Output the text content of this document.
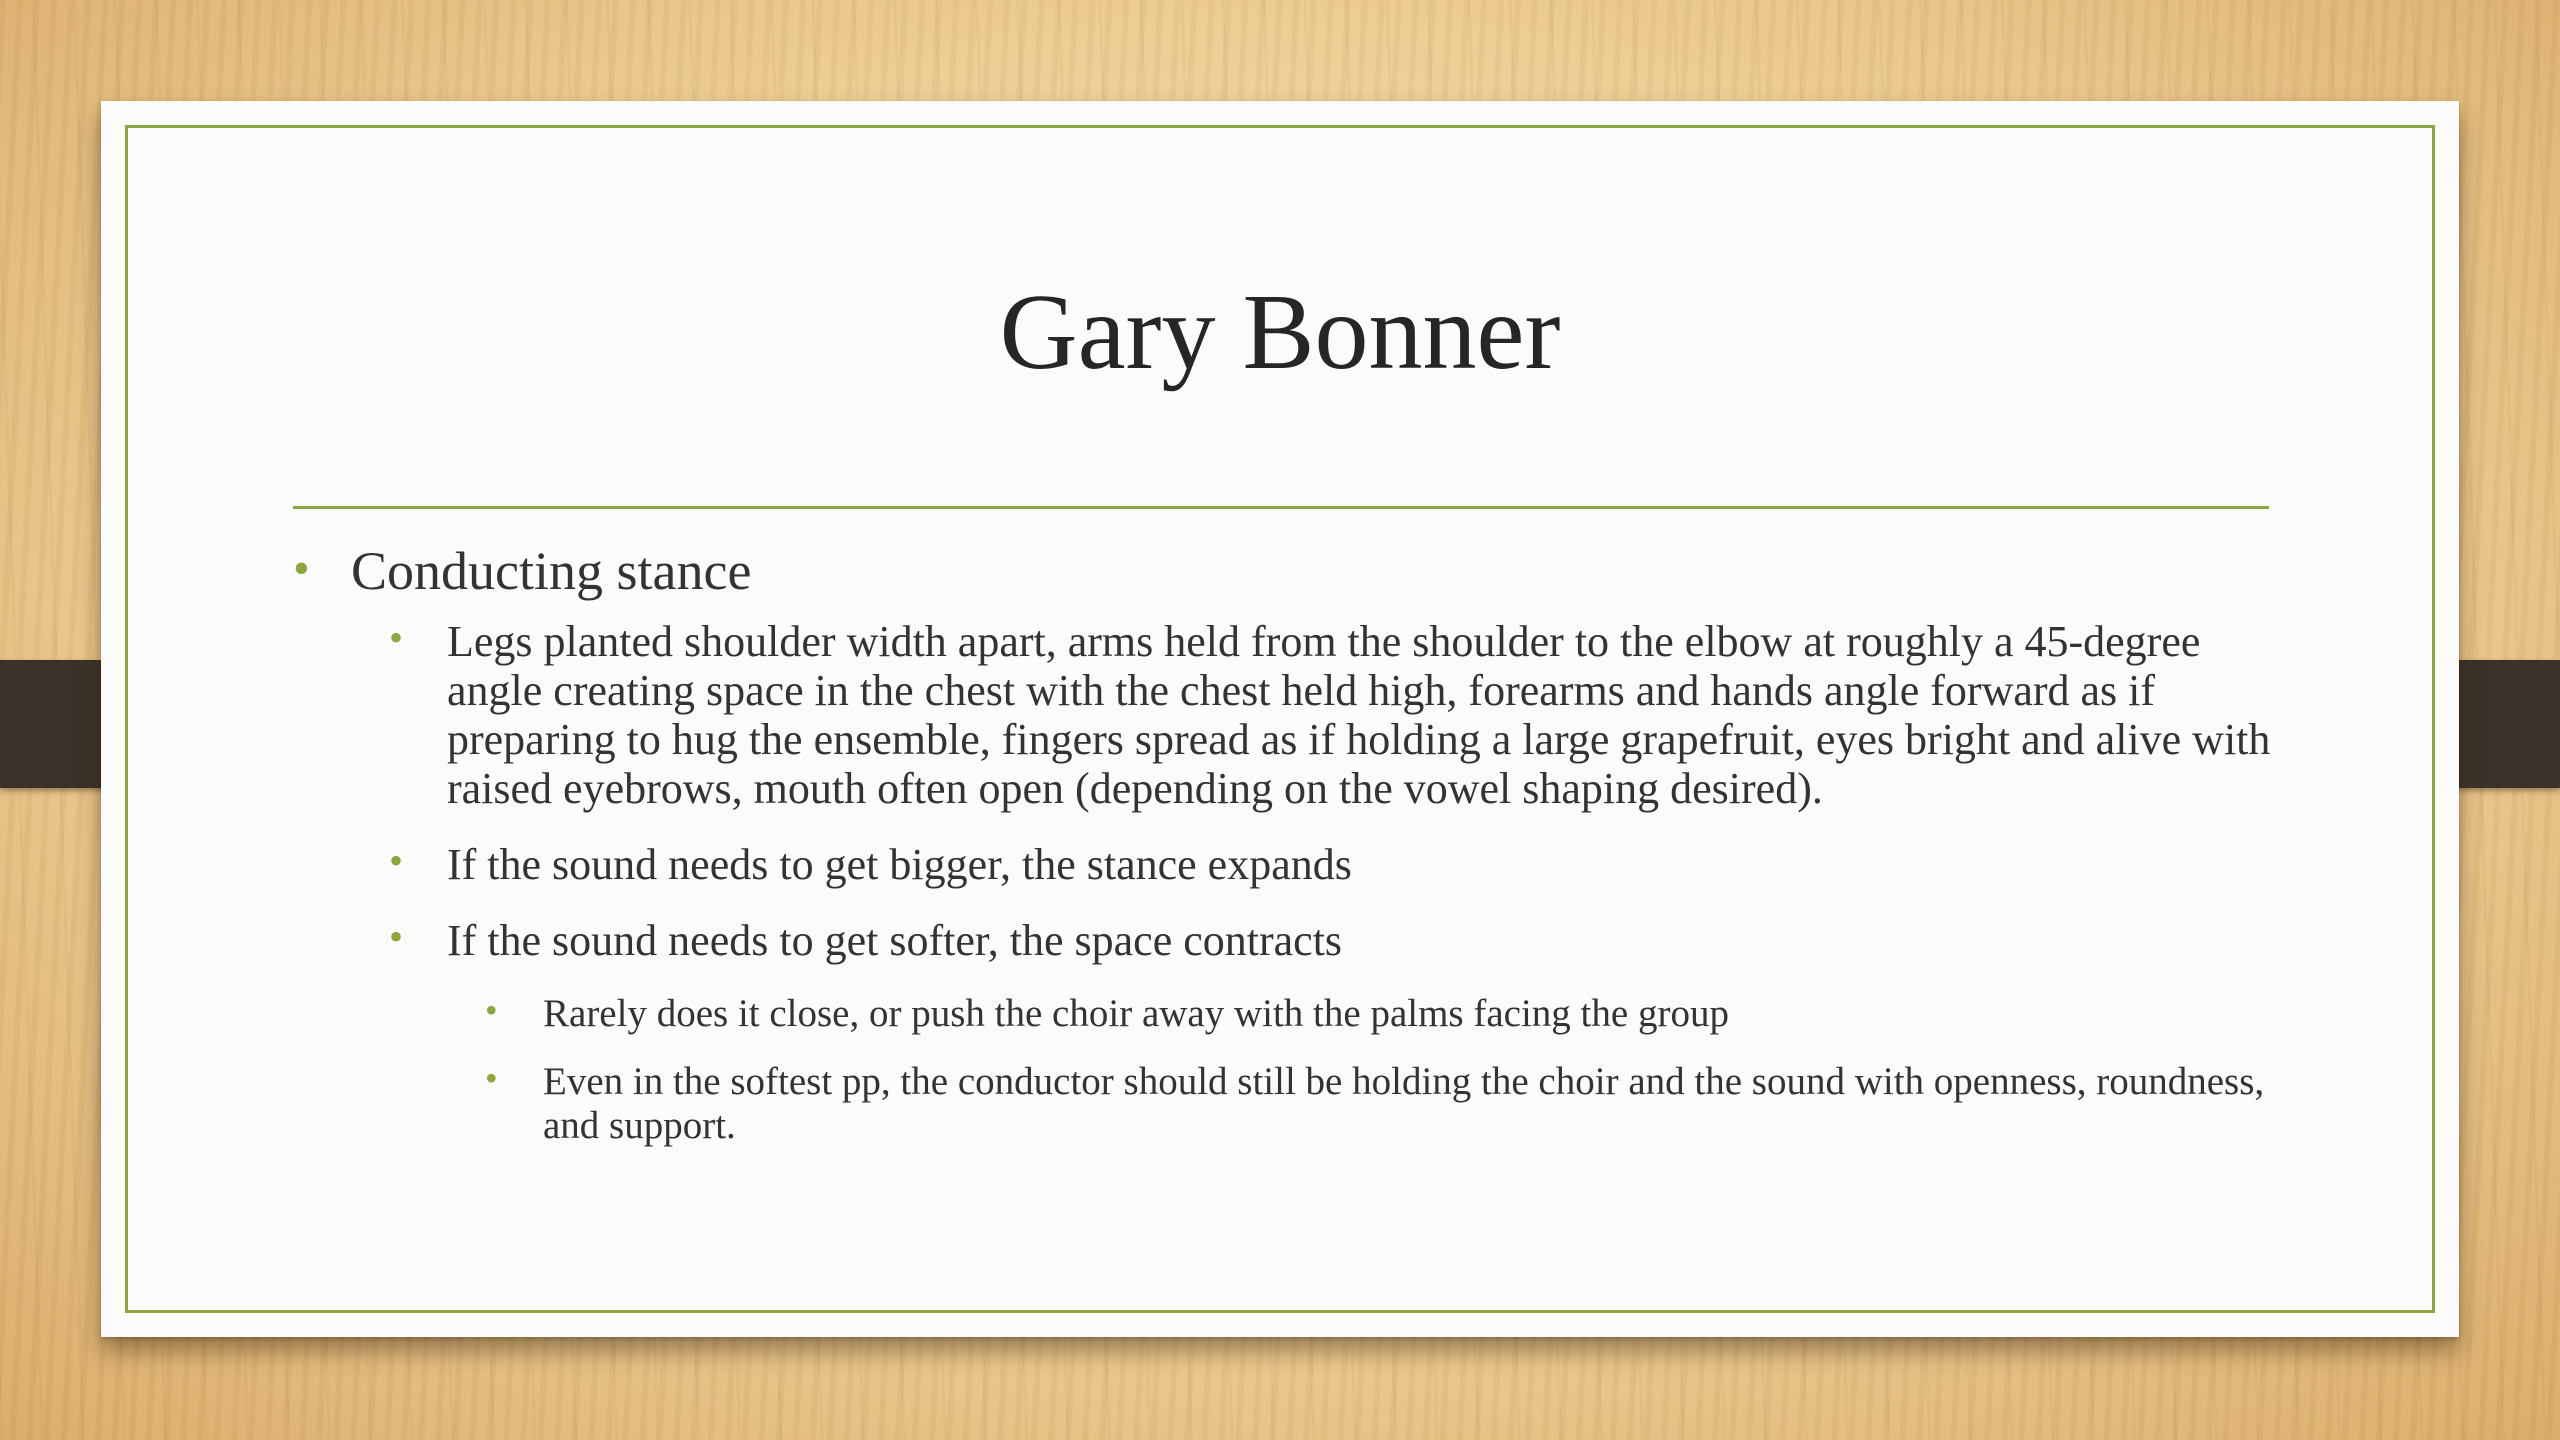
Gary Bonner
• Conducting stance
• Legs planted shoulder width apart, arms held from the shoulder to the elbow at roughly a 45-degree angle creating space in the chest with the chest held high, forearms and hands angle forward as if preparing to hug the ensemble, fingers spread as if holding a large grapefruit, eyes bright and alive with raised eyebrows, mouth often open (depending on the vowel shaping desired).
• If the sound needs to get bigger, the stance expands
• If the sound needs to get softer, the space contracts
• Rarely does it close, or push the choir away with the palms facing the group
• Even in the softest pp, the conductor should still be holding the choir and the sound with openness, roundness, and support.
